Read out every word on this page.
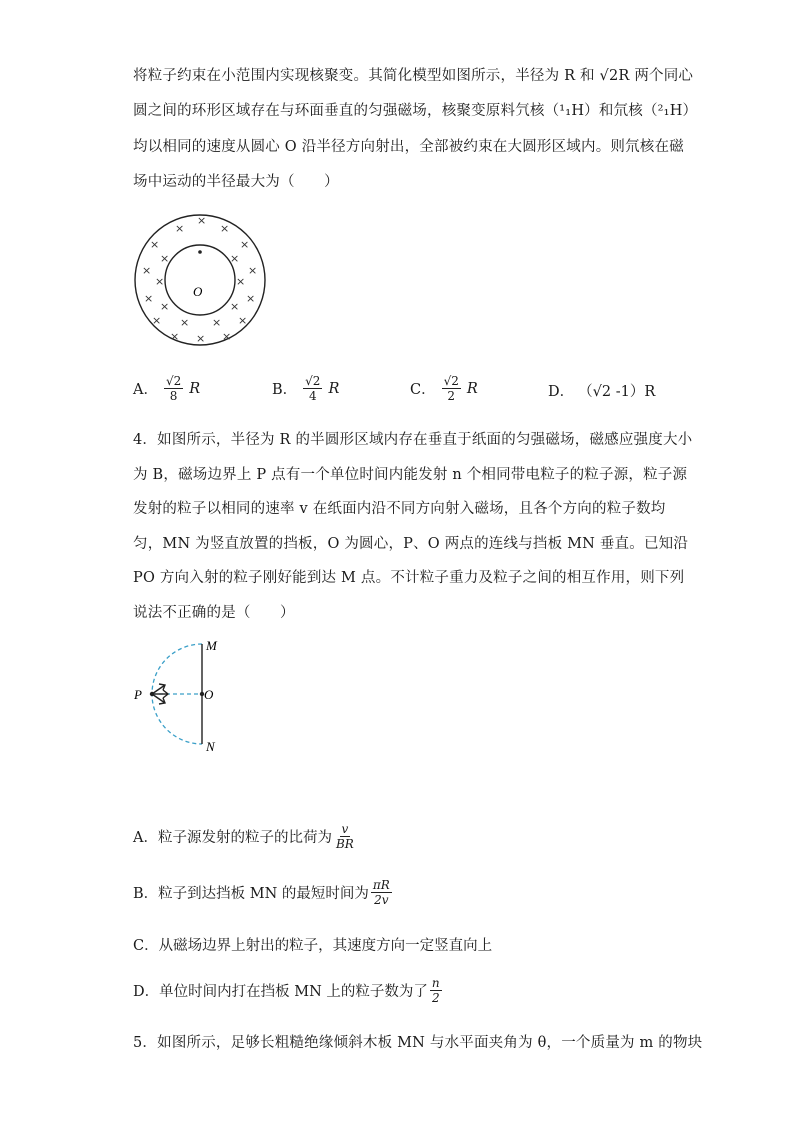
将粒子约束在小范围内实现核聚变。其简化模型如图所示，半径为 R 和 √2R 两个同心
圆之间的环形区域存在与环面垂直的匀强磁场，核聚变原料氕核（¹₁H）和氘核（²₁H）
均以相同的速度从圆心 O 沿半径方向射出，全部被约束在大圆形区域内。则氘核在磁
场中运动的半径最大为（　　）
O
×
×	×
×	×
×	×
×	×
×	×
×	×
×	×
×	×
× ×
×
×	×
A． $\frac{√2}{8}$ R	B． $\frac{√2}{4}$ R	C． $\frac{√2}{2}$ R	D． （√2 -1）R
4．如图所示，半径为 R 的半圆形区域内存在垂直于纸面的匀强磁场，磁感应强度大小
为 B，磁场边界上 P 点有一个单位时间内能发射 n 个相同带电粒子的粒子源，粒子源
发射的粒子以相同的速率 v 在纸面内沿不同方向射入磁场，且各个方向的粒子数均
匀，MN 为竖直放置的挡板，O 为圆心，P、O 两点的连线与挡板 MN 垂直。已知沿
PO 方向入射的粒子刚好能到达 M 点。不计粒子重力及粒子之间的相互作用，则下列
说法不正确的是（　　）
M
N
P	O
A．粒子源发射的粒子的比荷为 $\frac{v}{BR}$
B．粒子到达挡板 MN 的最短时间为 $\frac{\pi R}{2v}$
C．从磁场边界上射出的粒子，其速度方向一定竖直向上
D．单位时间内打在挡板 MN 上的粒子数为了 $\frac{n}{2}$
5．如图所示，足够长粗糙绝缘倾斜木板 MN 与水平面夹角为 θ，一个质量为 m 的物块
